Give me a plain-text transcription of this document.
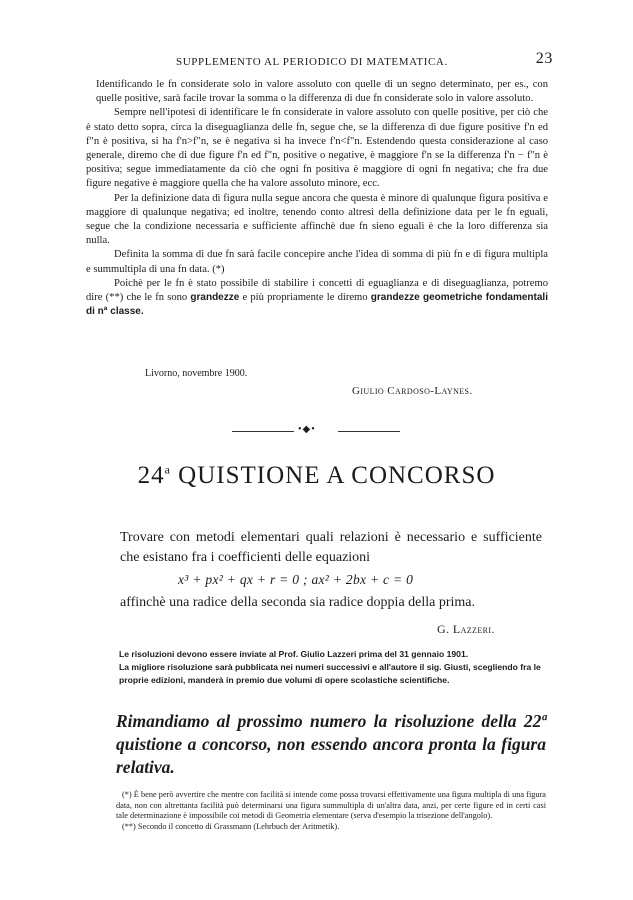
SUPPLEMENTO AL PERIODICO DI MATEMATICA.	23

Identificando le fn considerate solo in valore assoluto con quelle di un segno determinato, per es., con quelle positive, sarà facile trovar la somma o la differenza di due fn considerate solo in valore assoluto.

Sempre nell'ipotesi di identificare le fn considerate in valore assoluto con quelle positive, per ciò che è stato detto sopra, circa la diseguaglianza delle fn, segue che, se la differenza di due figure positive f'n ed f"n è positiva, si ha f'n>f"n, se è negativa si ha invece f'n<f"n. Estendendo questa considerazione al caso generale, diremo che di due figure f'n ed f"n, positive o negative, è maggiore f'n se la differenza f'n − f"n è positiva; segue immediatamente da ciò che ogni fn positiva è maggiore di ogni fn negativa; che fra due figure negative è maggiore quella che ha valore assoluto minore, ecc.

Per la definizione data di figura nulla segue ancora che questa è minore di qualunque figura positiva e maggiore di qualunque negativa; ed inoltre, tenendo conto altresì della definizione data per le fn eguali, segue che la condizione necessaria e sufficiente affinchè due fn sieno eguali è che la loro differenza sia nulla.

Definita la somma di due fn sarà facile concepire anche l'idea di somma di più fn e di figura multipla e summultipla di una fn data. (*)

Poichè per le fn è stato possibile di stabilire i concetti di eguaglianza e di diseguaglianza, potremo dire (**) che le fn sono grandezze e più propriamente le diremo grandezze geometriche fondamentali di nª classe.

Livorno, novembre 1900.
Giulio Cardoso-Laynes.
•◆•
24$^a$ QUISTIONE A CONCORSO
Trovare con metodi elementari quali relazioni è necessario e sufficiente che esistano fra i coefficienti delle equazioni
x³ + px² + qx + r = 0 ; ax² + 2bx + c = 0
affinchè una radice della seconda sia radice doppia della prima.
G. Lazzeri.

Le risoluzioni devono essere inviate al Prof. Giulio Lazzeri prima del 31 gennaio 1901.

La migliore risoluzione sarà pubblicata nei numeri successivi e all'autore il sig. Giusti, scegliendo fra le proprie edizioni, manderà in premio due volumi di opere scolastiche scientifiche.

Rimandiamo al prossimo numero la risoluzione della 22ª quistione a concorso, non essendo ancora pronta la figura relativa.

(*) È bene però avvertire che mentre con facilità si intende come possa trovarsi effettivamente una figura multipla di una figura data, non con altrettanta facilità può determinarsi una figura summultipla di un'altra data, anzi, per certe figure ed in certi casi tale determinazione è impossibile coi metodi di Geometria elementare (serva d'esempio la trisezione dell'angolo).

(**) Secondo il concetto di Grassmann (Lehrbuch der Aritmetik).
